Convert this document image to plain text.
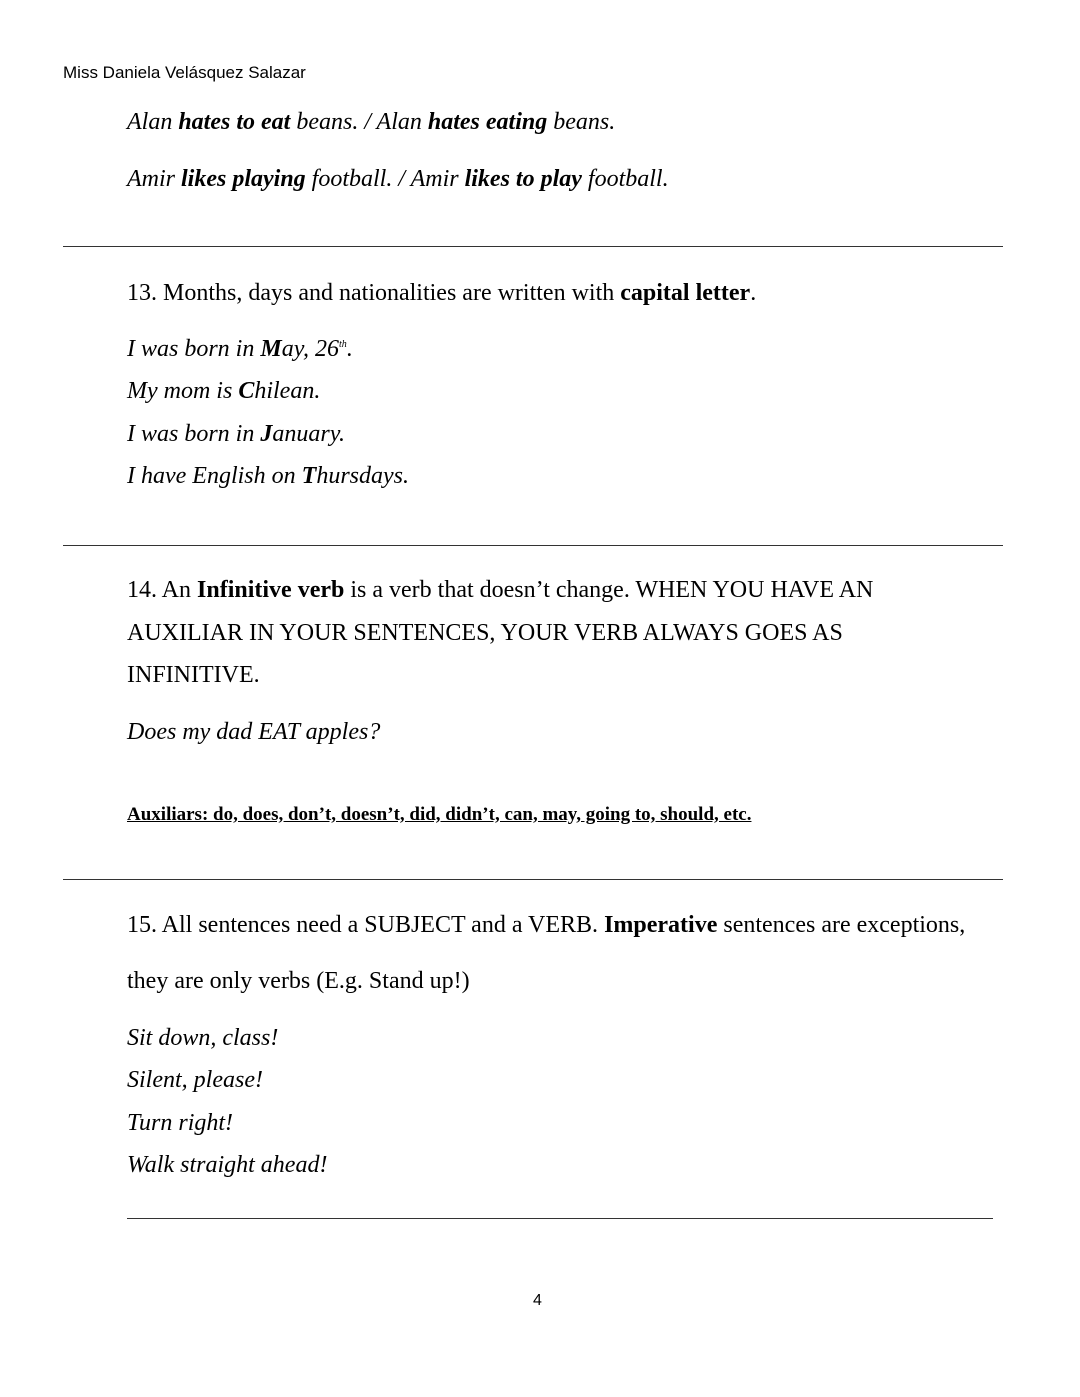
Miss Daniela Velásquez Salazar
Alan hates to eat beans. / Alan hates eating beans.
Amir likes playing football. / Amir likes to play football.
13. Months, days and nationalities are written with capital letter.
I was born in May, 26th.
My mom is Chilean.
I was born in January.
I have English on Thursdays.
14. An Infinitive verb is a verb that doesn’t change. WHEN YOU HAVE AN
AUXILIAR IN YOUR SENTENCES, YOUR VERB ALWAYS GOES AS
INFINITIVE.
Does my dad EAT apples?
Auxiliars: do, does, don’t, doesn’t, did, didn’t, can, may, going to, should, etc.
15. All sentences need a SUBJECT and a VERB. Imperative sentences are exceptions,
they are only verbs (E.g. Stand up!)
Sit down, class!
Silent, please!
Turn right!
Walk straight ahead!
4
